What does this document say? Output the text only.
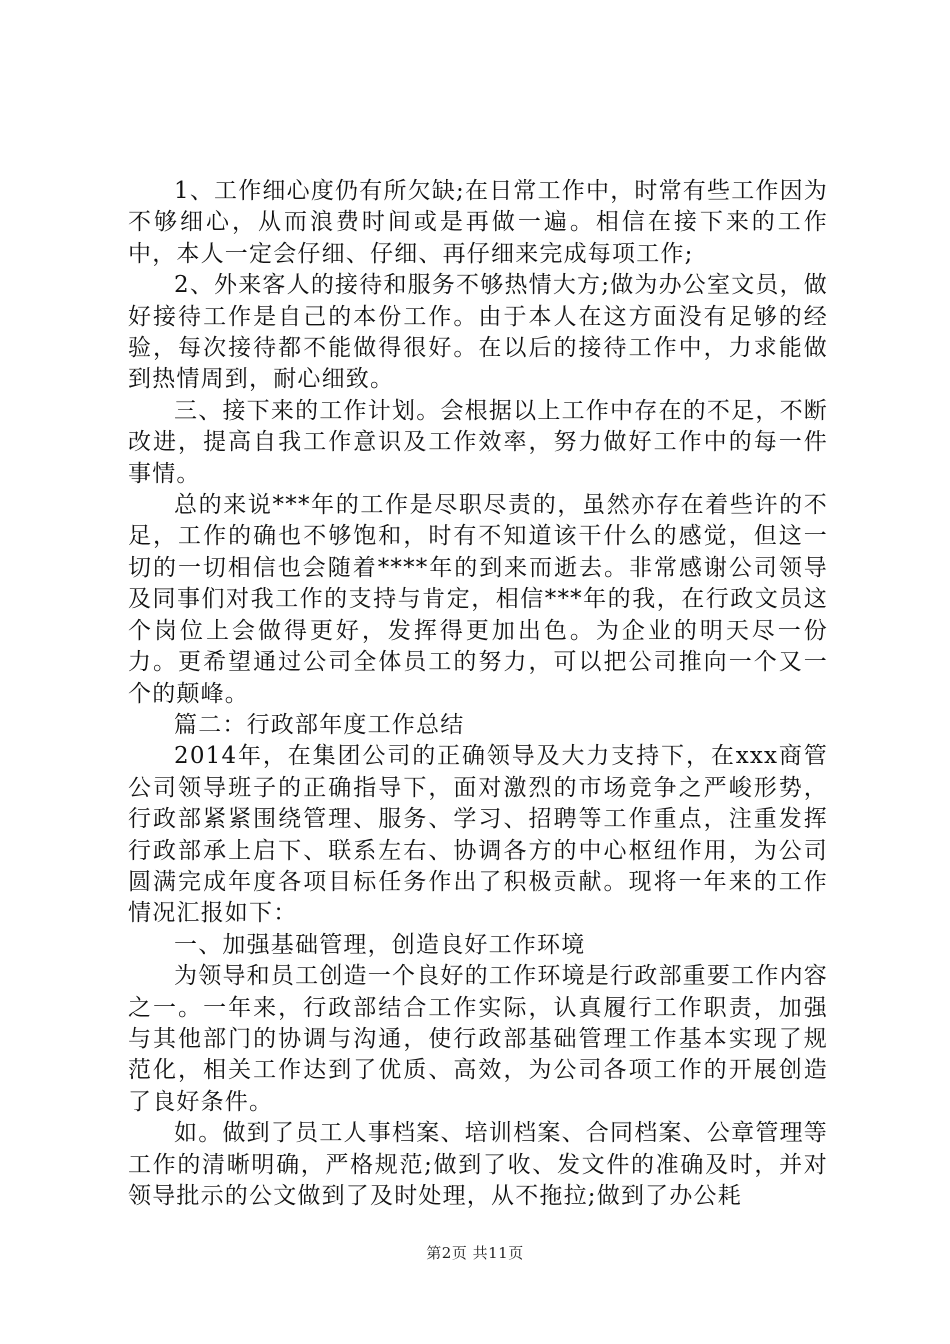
1、工作细心度仍有所欠缺;在日常工作中，时常有些工作因为不够细心，从而浪费时间或是再做一遍。相信在接下来的工作中，本人一定会仔细、仔细、再仔细来完成每项工作;

2、外来客人的接待和服务不够热情大方;做为办公室文员，做好接待工作是自己的本份工作。由于本人在这方面没有足够的经验，每次接待都不能做得很好。在以后的接待工作中，力求能做到热情周到，耐心细致。

三、接下来的工作计划。会根据以上工作中存在的不足，不断改进，提高自我工作意识及工作效率，努力做好工作中的每一件事情。

总的来说***年的工作是尽职尽责的，虽然亦存在着些许的不足，工作的确也不够饱和，时有不知道该干什么的感觉，但这一切的一切相信也会随着****年的到来而逝去。非常感谢公司领导及同事们对我工作的支持与肯定，相信***年的我，在行政文员这个岗位上会做得更好，发挥得更加出色。为企业的明天尽一份力。更希望通过公司全体员工的努力，可以把公司推向一个又一个的颠峰。

篇二：行政部年度工作总结

2014年，在集团公司的正确领导及大力支持下，在xxx商管公司领导班子的正确指导下，面对激烈的市场竞争之严峻形势，行政部紧紧围绕管理、服务、学习、招聘等工作重点，注重发挥行政部承上启下、联系左右、协调各方的中心枢纽作用，为公司圆满完成年度各项目标任务作出了积极贡献。现将一年来的工作情况汇报如下：

一、加强基础管理，创造良好工作环境

为领导和员工创造一个良好的工作环境是行政部重要工作内容之一。一年来，行政部结合工作实际，认真履行工作职责，加强与其他部门的协调与沟通，使行政部基础管理工作基本实现了规范化，相关工作达到了优质、高效，为公司各项工作的开展创造了良好条件。

如。做到了员工人事档案、培训档案、合同档案、公章管理等工作的清晰明确，严格规范;做到了收、发文件的准确及时，并对领导批示的公文做到了及时处理，从不拖拉;做到了办公耗

第2页 共11页
